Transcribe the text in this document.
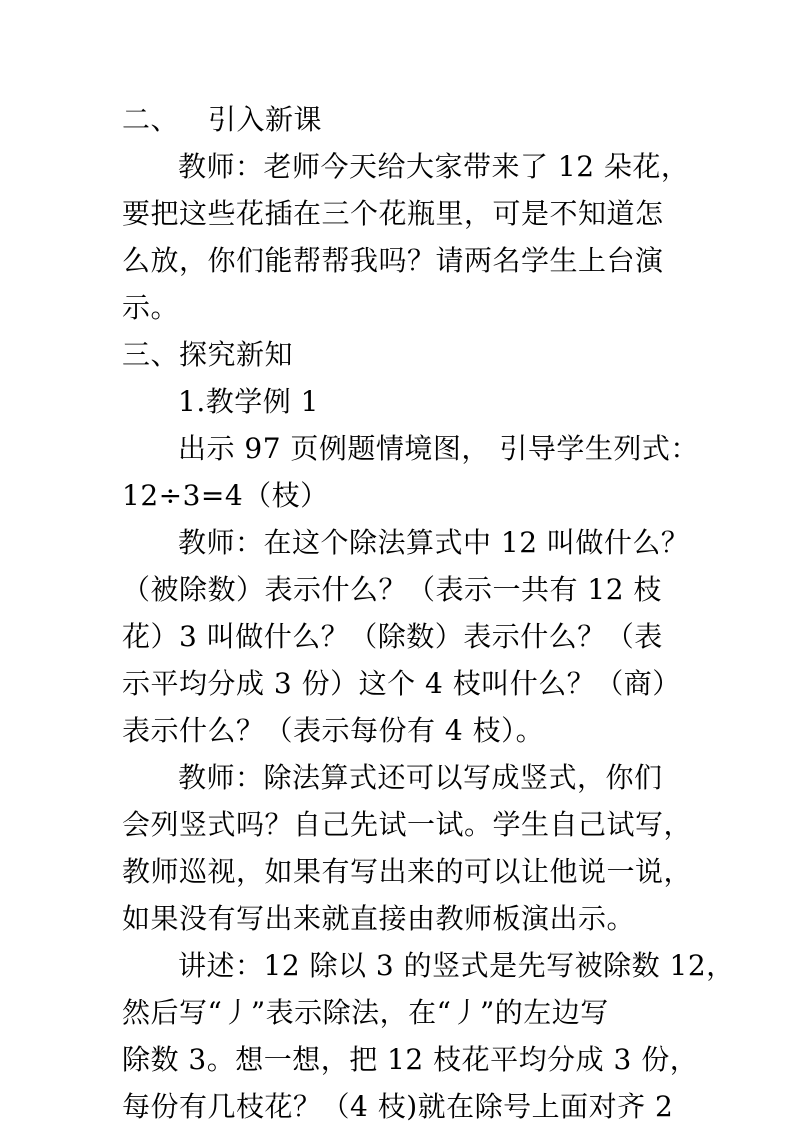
二、 引入新课
教师：老师今天给大家带来了 12 朵花，
要把这些花插在三个花瓶里，可是不知道怎
么放，你们能帮帮我吗？请两名学生上台演
示。
三、探究新知
1.教学例 1
出示 97 页例题情境图， 引导学生列式：
12÷3=4（枝）
教师：在这个除法算式中 12 叫做什么？
（被除数）表示什么？（表示一共有 12 枝
花）3 叫做什么？（除数）表示什么？（表
示平均分成 3 份）这个 4 枝叫什么？（商）
表示什么？（表示每份有 4 枝）。
教师：除法算式还可以写成竖式，你们
会列竖式吗？自己先试一试。学生自己试写，
教师巡视，如果有写出来的可以让他说一说，
如果没有写出来就直接由教师板演出示。
讲述：12 除以 3 的竖式是先写被除数 12，
然后写“丿”表示除法，在“丿”的左边写
除数 3。想一想，把 12 枝花平均分成 3 份，
每份有几枝花？（4 枝)就在除号上面对齐 2
